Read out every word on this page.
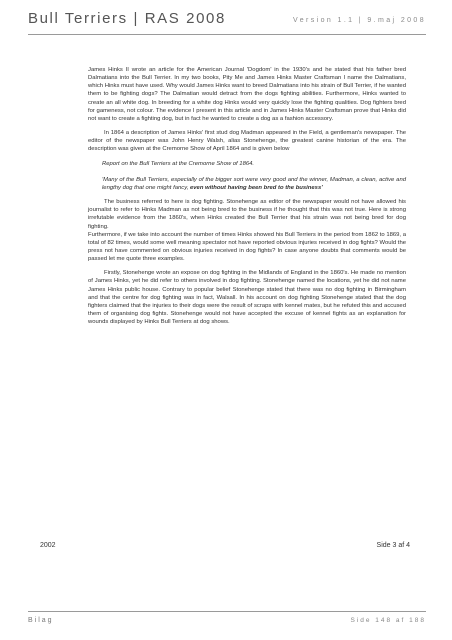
Bull Terriers | RAS 2008	Version 1.1 | 9.maj 2008

James Hinks II wrote an article for the American Journal 'Dogdom' in the 1930's and he stated that his father bred Dalmatians into the Bull Terrier. In my two books, Pity Me and James Hinks Master Craftsman I name the Dalmatians, which Hinks must have used. Why would James Hinks want to breed Dalmatians into his strain of Bull Terrier, if he wanted them to be fighting dogs? The Dalmatian would detract from the dogs fighting abilities. Furthermore, Hinks wanted to create an all white dog. In breeding for a white dog Hinks would very quickly lose the fighting qualities. Dog fighters bred for gameness, not colour. The evidence I present in this article and in James Hinks Master Craftsman prove that Hinks did not want to create a fighting dog, but in fact he wanted to create a dog as a fashion accessory.

In 1864 a description of James Hinks' first stud dog Madman appeared in the Field, a gentleman's newspaper. The editor of the newspaper was John Henry Walsh, alias Stonehenge, the greatest canine historian of the era. The description was given at the Cremorne Show of April 1864 and is given below

Report on the Bull Terriers at the Cremorne Show of 1864.

'Many of the Bull Terriers, especially of the bigger sort were very good and the winner, Madman, a clean, active and lengthy dog that one might fancy, even without having been bred to the business'

The business referred to here is dog fighting. Stonehenge as editor of the newspaper would not have allowed his journalist to refer to Hinks Madman as not being bred to the business if he thought that this was not true. Here is strong irrefutable evidence from the 1860's, when Hinks created the Bull Terrier that his strain was not being bred for dog fighting.

Furthermore, if we take into account the number of times Hinks showed his Bull Terriers in the period from 1862 to 1869, a total of 82 times, would some well meaning spectator not have reported obvious injuries received in dog fights? Would the press not have commented on obvious injuries received in dog fights? In case anyone doubts that comments would be passed let me quote three examples.

Firstly, Stonehenge wrote an expose on dog fighting in the Midlands of England in the 1860's. He made no mention of James Hinks, yet he did refer to others involved in dog fighting. Stonehenge named the locations, yet he did not name James Hinks public house. Contrary to popular belief Stonehenge stated that there was no dog fighting in Birmingham and that the centre for dog fighting was in fact, Walsall. In his account on dog fighting Stonehenge stated that the dog fighters claimed that the injuries to their dogs were the result of scraps with kennel mates, but he refuted this and accused them of organising dog fights. Stonehenge would not have accepted the excuse of kennel fights as an explanation for wounds displayed by Hinks Bull Terriers at dog shows.

2002	Side 3 af 4
Bilag	Side 148 af 188
